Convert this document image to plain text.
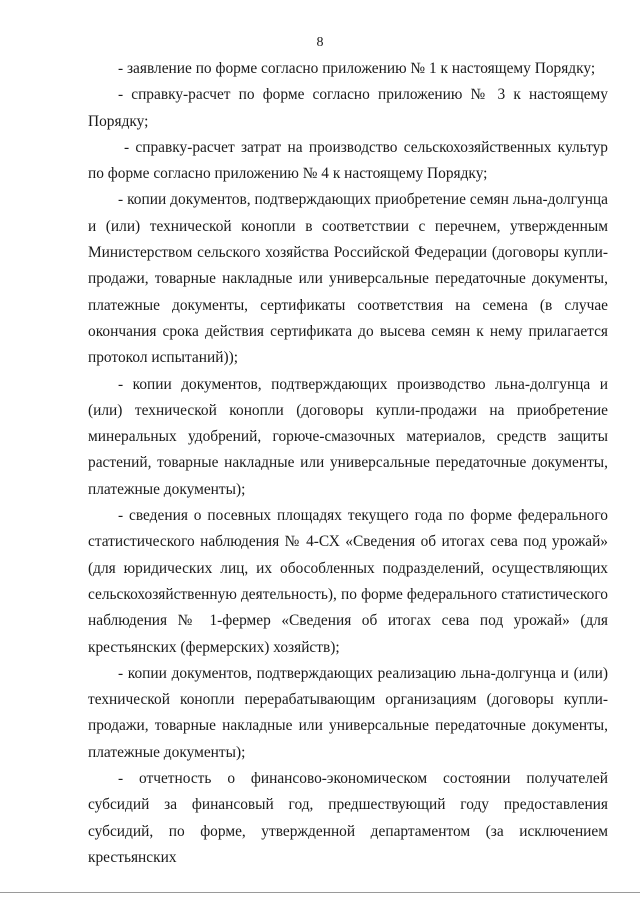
8

- заявление по форме согласно приложению № 1 к настоящему Порядку;

- справку-расчет по форме согласно приложению № 3 к настоящему Порядку;

- справку-расчет затрат на производство сельскохозяйственных культур по форме согласно приложению № 4 к настоящему Порядку;

- копии документов, подтверждающих приобретение семян льна-долгунца и (или) технической конопли в соответствии с перечнем, утвержденным Министерством сельского хозяйства Российской Федерации (договоры купли-продажи, товарные накладные или универсальные передаточные документы, платежные документы, сертификаты соответствия на семена (в случае окончания срока действия сертификата до высева семян к нему прилагается протокол испытаний));

- копии документов, подтверждающих производство льна-долгунца и (или) технической конопли (договоры купли-продажи на приобретение минеральных удобрений, горюче-смазочных материалов, средств защиты растений, товарные накладные или универсальные передаточные документы, платежные документы);

- сведения о посевных площадях текущего года по форме федерального статистического наблюдения № 4-СХ «Сведения об итогах сева под урожай» (для юридических лиц, их обособленных подразделений, осуществляющих сельскохозяйственную деятельность), по форме федерального статистического наблюдения № 1-фермер «Сведения об итогах сева под урожай» (для крестьянских (фермерских) хозяйств);

- копии документов, подтверждающих реализацию льна-долгунца и (или) технической конопли перерабатывающим организациям (договоры купли-продажи, товарные накладные или универсальные передаточные документы, платежные документы);

- отчетность о финансово-экономическом состоянии получателей субсидий за финансовый год, предшествующий году предоставления субсидий, по форме, утвержденной департаментом (за исключением крестьянских
